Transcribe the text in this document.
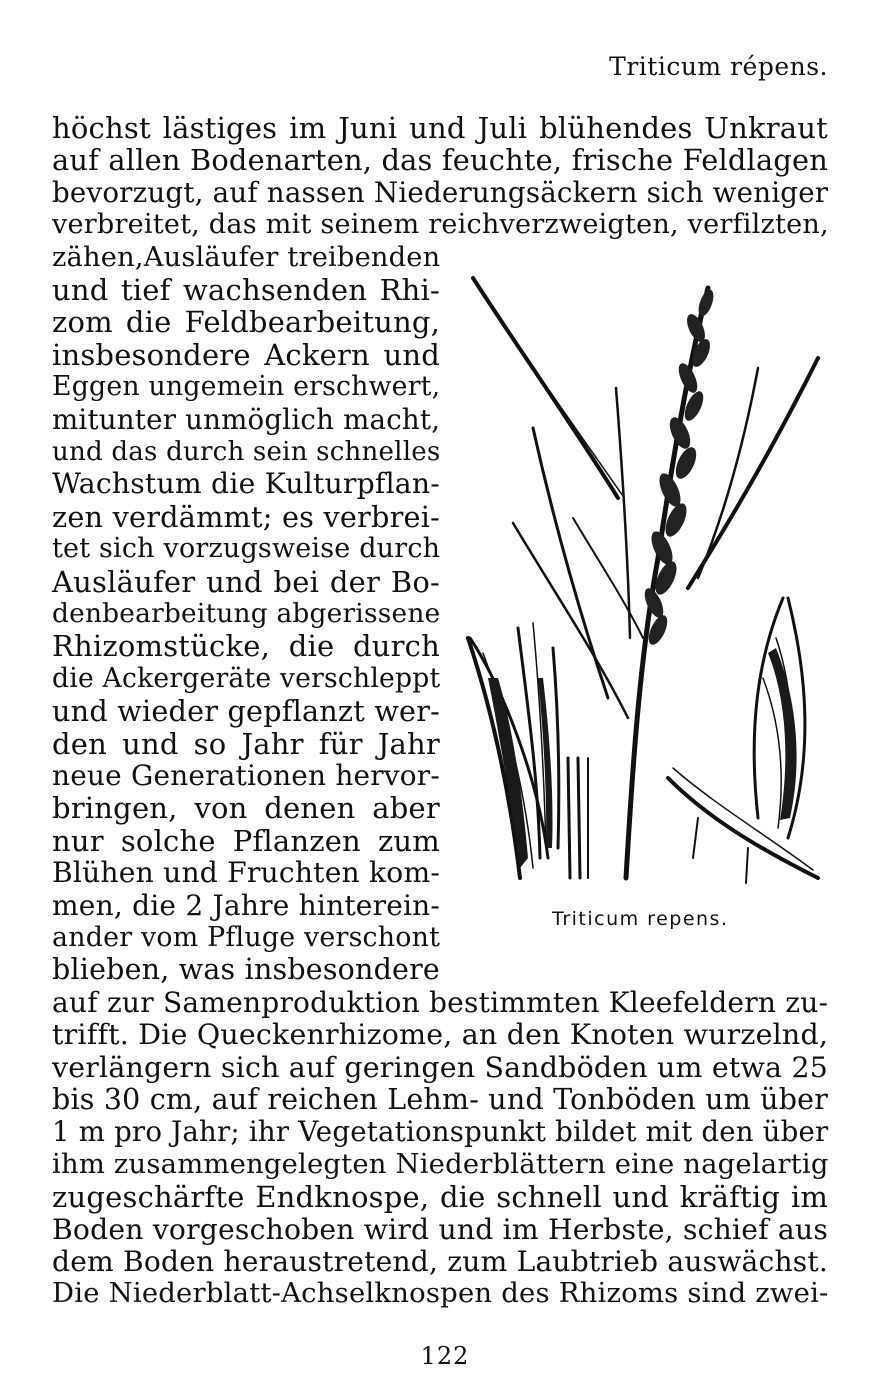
Triticum répens.
höchst lästiges im Juni und Juli blühendes Unkraut
auf allen Bodenarten, das feuchte, frische Feldlagen
bevorzugt, auf nassen Niederungsäckern sich weniger
verbreitet, das mit seinem reichverzweigten, verfilzten,
zähen,Ausläufer treibenden
und tief wachsenden Rhi-
zom die Feldbearbeitung,
insbesondere Ackern und
Eggen ungemein erschwert,
mitunter unmöglich macht,
und das durch sein schnelles
Wachstum die Kulturpflan-
zen verdämmt; es verbrei-
tet sich vorzugsweise durch
Ausläufer und bei der Bo-
denbearbeitung abgerissene
Rhizomstücke, die durch
die Ackergeräte verschleppt
und wieder gepflanzt wer-
den und so Jahr für Jahr
neue Generationen hervor-
bringen, von denen aber
nur solche Pflanzen zum
Blühen und Fruchten kom-
men, die 2 Jahre hinterein-
ander vom Pfluge verschont
blieben, was insbesondere
auf zur Samenproduktion bestimmten Kleefeldern zu-
trifft. Die Queckenrhizome, an den Knoten wurzelnd,
verlängern sich auf geringen Sandböden um etwa 25
bis 30 cm, auf reichen Lehm- und Tonböden um über
1 m pro Jahr; ihr Vegetationspunkt bildet mit den über
ihm zusammengelegten Niederblättern eine nagelartig
zugeschärfte Endknospe, die schnell und kräftig im
Boden vorgeschoben wird und im Herbste, schief aus
dem Boden heraustretend, zum Laubtrieb auswächst.
Die Niederblatt-Achselknospen des Rhizoms sind zwei-
Triticum repens.
122
